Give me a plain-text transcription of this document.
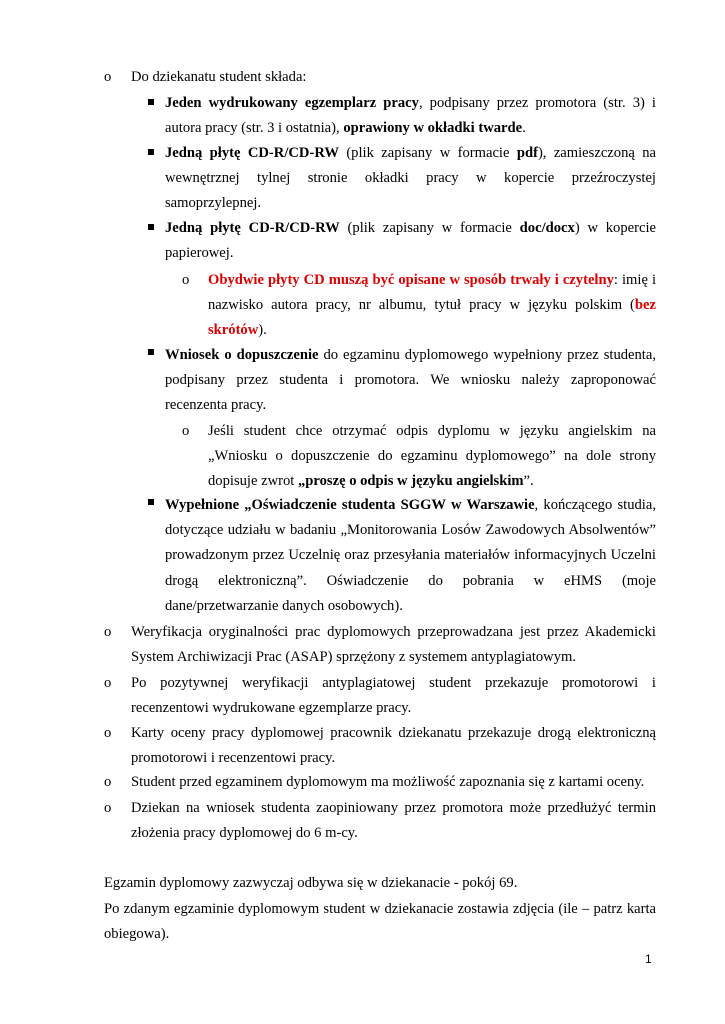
o
o
o
o
o
o
o
o
Do dziekanatu student składa:
Jeden wydrukowany egzemplarz pracy, podpisany przez promotora (str. 3) i
autora pracy (str. 3 i ostatnia), oprawiony w okładki twarde.
Jedną płytę CD-R/CD-RW (plik zapisany w formacie pdf), zamieszczoną na
wewnętrznej tylnej stronie okładki pracy w kopercie przeźroczystej
samoprzylepnej.
Jedną płytę CD-R/CD-RW (plik zapisany w formacie doc/docx) w kopercie
papierowej.
Obydwie płyty CD muszą być opisane w sposób trwały i czytelny: imię i
nazwisko autora pracy, nr albumu, tytuł pracy w języku polskim (bez
skrótów).
Wniosek o dopuszczenie do egzaminu dyplomowego wypełniony przez studenta,
podpisany przez studenta i promotora. We wniosku należy zaproponować
recenzenta pracy.
Jeśli student chce otrzymać odpis dyplomu w języku angielskim na
„Wniosku o dopuszczenie do egzaminu dyplomowego” na dole strony
dopisuje zwrot „proszę o odpis w języku angielskim”.
Wypełnione „Oświadczenie studenta SGGW w Warszawie, kończącego studia,
dotyczące udziału w badaniu „Monitorowania Losów Zawodowych Absolwentów”
prowadzonym przez Uczelnię oraz przesyłania materiałów informacyjnych Uczelni
drogą elektroniczną”. Oświadczenie do pobrania w eHMS (moje
dane/przetwarzanie danych osobowych).
Weryfikacja oryginalności prac dyplomowych przeprowadzana jest przez Akademicki
System Archiwizacji Prac (ASAP) sprzężony z systemem antyplagiatowym.
Po pozytywnej weryfikacji antyplagiatowej student przekazuje promotorowi i
recenzentowi wydrukowane egzemplarze pracy.
Karty oceny pracy dyplomowej pracownik dziekanatu przekazuje drogą elektroniczną
promotorowi i recenzentowi pracy.
Student przed egzaminem dyplomowym ma możliwość zapoznania się z kartami oceny.
Dziekan na wniosek studenta zaopiniowany przez promotora może przedłużyć termin
złożenia pracy dyplomowej do 6 m-cy.
Egzamin dyplomowy zazwyczaj odbywa się w dziekanacie - pokój 69.
Po zdanym egzaminie dyplomowym student w dziekanacie zostawia zdjęcia (ile – patrz karta
obiegowa).
1
